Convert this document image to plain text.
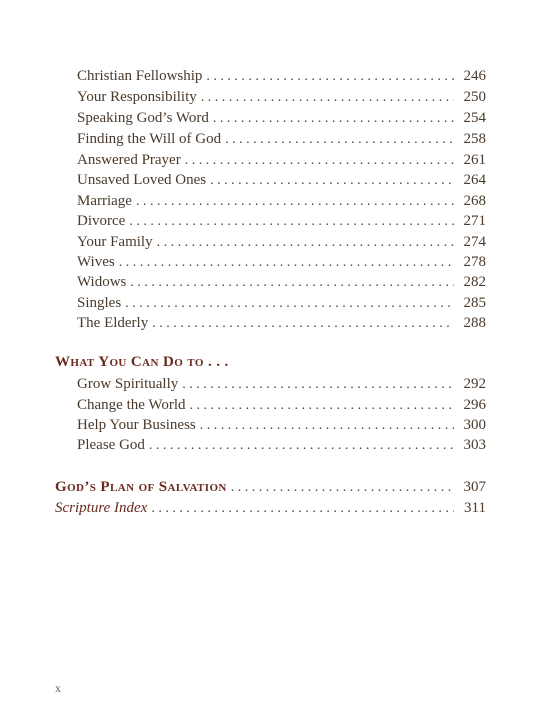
Christian Fellowship . . .	246
Your Responsibility . . .	250
Speaking God’s Word . . .	254
Finding the Will of God . . .	258
Answered Prayer . . .	261
Unsaved Loved Ones . . .	264
Marriage . . .	268
Divorce . . .	271
Your Family . . .	274
Wives . . .	278
Widows . . .	282
Singles . . .	285
The Elderly . . .	288
What You Can Do to . . .
Grow Spiritually . . .	292
Change the World . . .	296
Help Your Business . . .	300
Please God . . .	303
God’s Plan of Salvation . . .	307
Scripture Index . . .	311
x
